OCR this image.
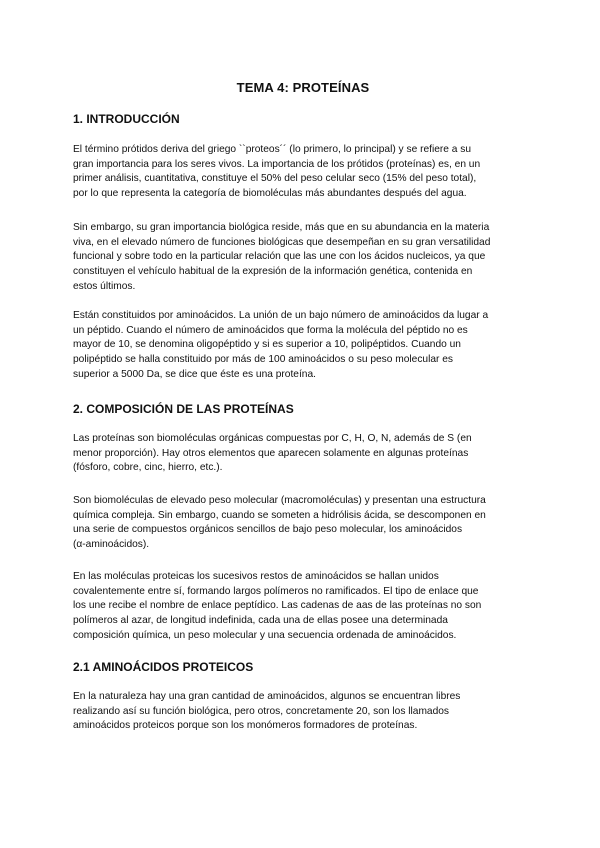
TEMA 4: PROTEÍNAS
1. INTRODUCCIÓN
El término prótidos deriva del griego ``proteos´´ (lo primero, lo principal) y se refiere a su
gran importancia para los seres vivos. La importancia de los prótidos (proteínas) es, en un
primer análisis, cuantitativa, constituye el 50% del peso celular seco (15% del peso total),
por lo que representa la categoría de biomoléculas más abundantes después del agua.
Sin embargo, su gran importancia biológica reside, más que en su abundancia en la materia
viva, en el elevado número de funciones biológicas que desempeñan en su gran versatilidad
funcional y sobre todo en la particular relación que las une con los ácidos nucleicos, ya que
constituyen el vehículo habitual de la expresión de la información genética, contenida en
estos últimos.
Están constituidos por aminoácidos. La unión de un bajo número de aminoácidos da lugar a
un péptido. Cuando el número de aminoácidos que forma la molécula del péptido no es
mayor de 10, se denomina oligopéptido y si es superior a 10, polipéptidos. Cuando un
polipéptido se halla constituido por más de 100 aminoácidos o su peso molecular es
superior a 5000 Da, se dice que éste es una proteína.
2. COMPOSICIÓN DE LAS PROTEÍNAS
Las proteínas son biomoléculas orgánicas compuestas por C, H, O, N, además de S (en
menor proporción). Hay otros elementos que aparecen solamente en algunas proteínas
(fósforo, cobre, cinc, hierro, etc.).
Son biomoléculas de elevado peso molecular (macromoléculas) y presentan una estructura
química compleja. Sin embargo, cuando se someten a hidrólisis ácida, se descomponen en
una serie de compuestos orgánicos sencillos de bajo peso molecular, los aminoácidos
(α-aminoácidos).
En las moléculas proteicas los sucesivos restos de aminoácidos se hallan unidos
covalentemente entre sí, formando largos polímeros no ramificados. El tipo de enlace que
los une recibe el nombre de enlace peptídico. Las cadenas de aas de las proteínas no son
polímeros al azar, de longitud indefinida, cada una de ellas posee una determinada
composición química, un peso molecular y una secuencia ordenada de aminoácidos.
2.1 AMINOÁCIDOS PROTEICOS
En la naturaleza hay una gran cantidad de aminoácidos, algunos se encuentran libres
realizando así su función biológica, pero otros, concretamente 20, son los llamados
aminoácidos proteicos porque son los monómeros formadores de proteínas.
